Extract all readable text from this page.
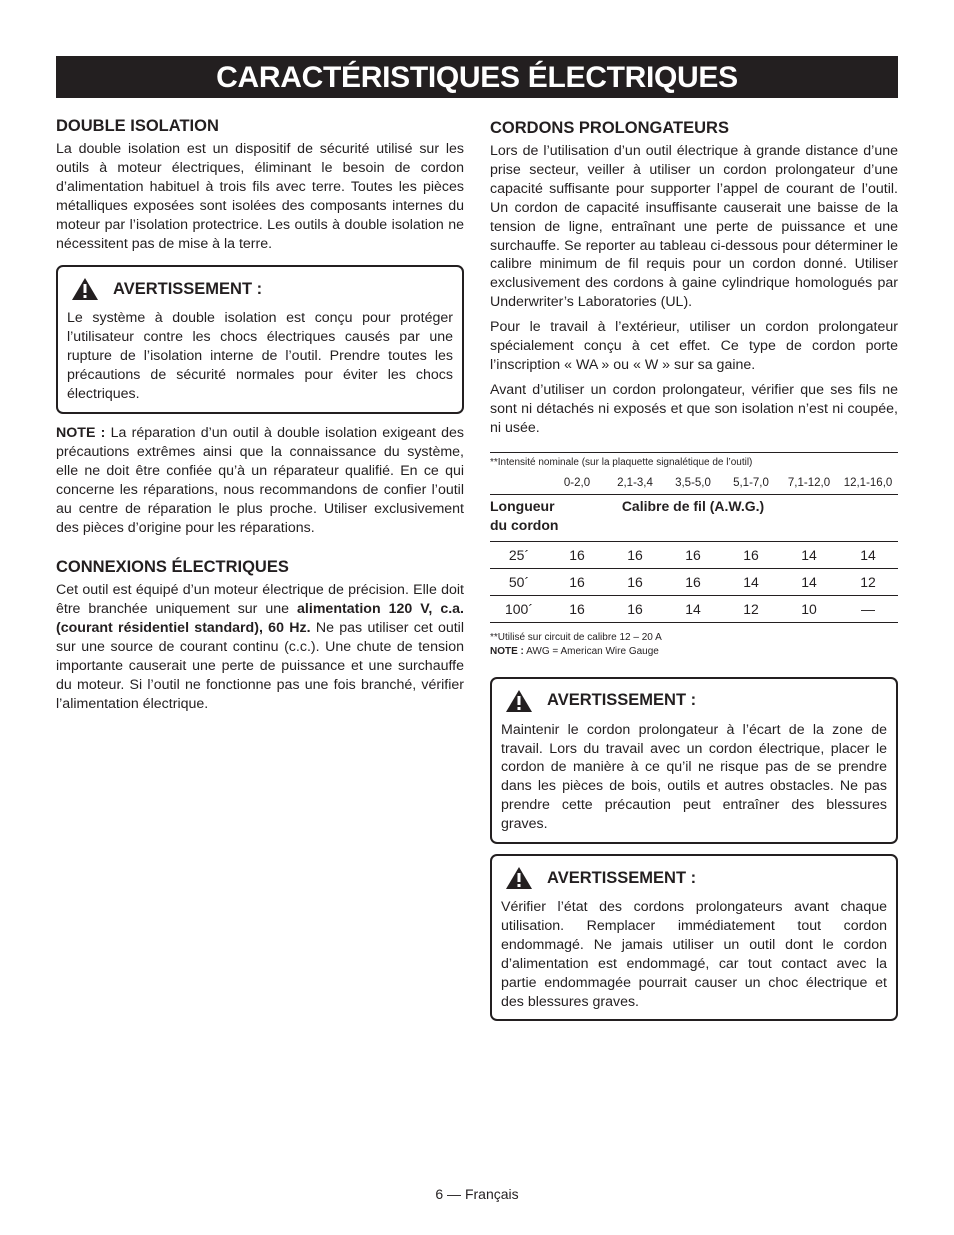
CARACTÉRISTIQUES ÉLECTRIQUES
DOUBLE ISOLATION

La double isolation est un dispositif de sécurité utilisé sur les outils à moteur électriques, éliminant le besoin de cordon d’alimentation habituel à trois fils avec terre. Toutes les pièces métalliques exposées sont isolées des composants internes du moteur par l’isolation protectrice. Les outils à double isolation ne nécessitent pas de mise à la terre.

AVERTISSEMENT :

Le système à double isolation est conçu pour protéger l’utilisateur contre les chocs électriques causés par une rupture de l’isolation interne de l’outil. Prendre toutes les précautions de sécurité normales pour éviter les chocs électriques.

NOTE : La réparation d’un outil à double isolation exigeant des précautions extrêmes ainsi que la connaissance du système, elle ne doit être confiée qu’à un réparateur qualifié. En ce qui concerne les réparations, nous recommandons de confier l’outil au centre de réparation le plus proche. Utiliser exclusivement des pièces d’origine pour les réparations.

CONNEXIONS ÉLECTRIQUES

Cet outil est équipé d’un moteur électrique de précision. Elle doit être branchée uniquement sur une alimentation 120 V, c.a. (courant résidentiel standard), 60 Hz. Ne pas utiliser cet outil sur une source de courant continu (c.c.). Une chute de tension importante causerait une perte de puissance et une surchauffe du moteur. Si l’outil ne fonctionne pas une fois branché, vérifier l’alimentation électrique.

CORDONS PROLONGATEURS

Lors de l’utilisation d’un outil électrique à grande distance d’une prise secteur, veiller à utiliser un cordon prolongateur d’une capacité suffisante pour supporter l’appel de courant de l’outil. Un cordon de capacité insuffisante causerait une baisse de la tension de ligne, entraînant une perte de puissance et une surchauffe. Se reporter au tableau ci-dessous pour déterminer le calibre minimum de fil requis pour un cordon donné. Utiliser exclusivement des cordons à gaine cylindrique homologués par Underwriter’s Laboratories (UL).

Pour le travail à l’extérieur, utiliser un cordon prolongateur spécialement conçu à cet effet. Ce type de cordon porte l’inscription « WA » ou « W » sur sa gaine.

Avant d’utiliser un cordon prolongateur, vérifier que ses fils ne sont ni détachés ni exposés et que son isolation n’est ni coupée, ni usée.

**Intensité nominale (sur la plaquette signalétique de l’outil)
	0-2,0	2,1-3,4	3,5-5,0	5,1-7,0	7,1-12,0	12,1-16,0
Longueur du cordon		Calibre de fil (A.W.G.)				
25´	16	16	16	16	14	14
50´	16	16	16	14	14	12
100´	16	16	14	12	10	—
**Utilisé sur circuit de calibre 12 – 20 A
NOTE : AWG = American Wire Gauge
AVERTISSEMENT :

Maintenir le cordon prolongateur à l’écart de la zone de travail. Lors du travail avec un cordon électrique, placer le cordon de manière à ce qu’il ne risque pas de se prendre dans les pièces de bois, outils et autres obstacles. Ne pas prendre cette précaution peut entraîner des blessures graves.

AVERTISSEMENT :

Vérifier l’état des cordons prolongateurs avant chaque utilisation. Remplacer immédiatement tout cordon endommagé. Ne jamais utiliser un outil dont le cordon d’alimentation est endommagé, car tout contact avec la partie endommagée pourrait causer un choc électrique et des blessures graves.

6 — Français
